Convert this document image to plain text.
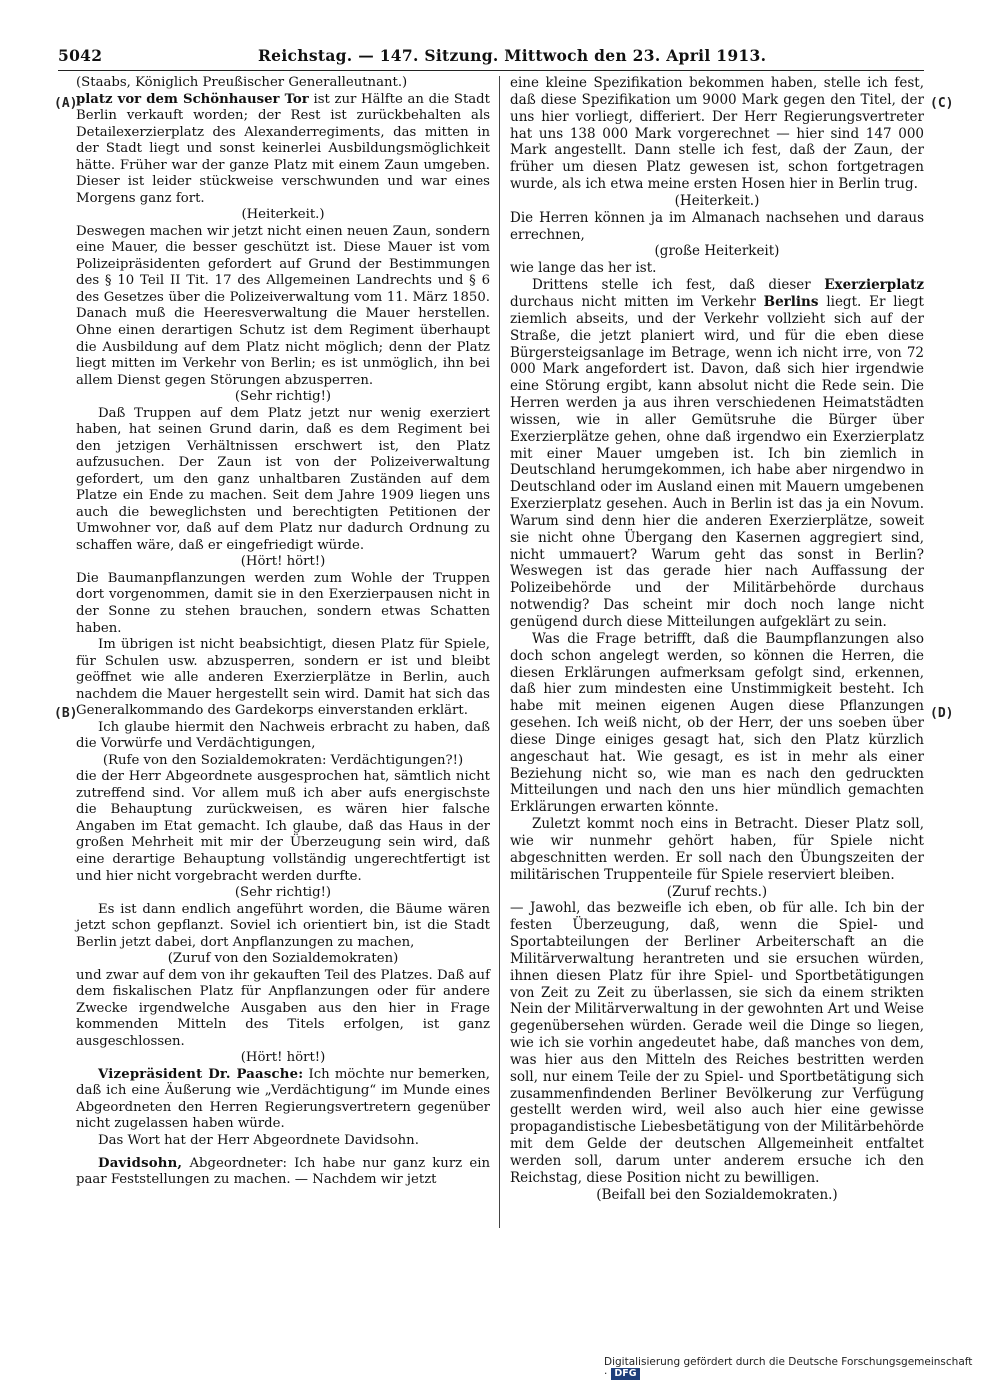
5042	Reichstag. — 147. Sitzung. Mittwoch den 23. April 1913.
(A)
(B)
(C)
(D)
(Staabs, Königlich Preußischer Generalleutnant.)
platz vor dem Schönhauser Tor ist zur Hälfte an die Stadt Berlin verkauft worden; der Rest ist zurückbehalten als Detailexerzierplatz des Alexanderregiments, das mitten in der Stadt liegt und sonst keinerlei Ausbildungsmöglichkeit hätte. Früher war der ganze Platz mit einem Zaun umgeben. Dieser ist leider stückweise verschwunden und war eines Morgens ganz fort.
(Heiterkeit.)
Deswegen machen wir jetzt nicht einen neuen Zaun, sondern eine Mauer, die besser geschützt ist. Diese Mauer ist vom Polizeipräsidenten gefordert auf Grund der Bestimmungen des § 10 Teil II Tit. 17 des Allgemeinen Landrechts und § 6 des Gesetzes über die Polizeiverwaltung vom 11. März 1850. Danach muß die Heeresverwaltung die Mauer herstellen. Ohne einen derartigen Schutz ist dem Regiment überhaupt die Ausbildung auf dem Platz nicht möglich; denn der Platz liegt mitten im Verkehr von Berlin; es ist unmöglich, ihn bei allem Dienst gegen Störungen abzusperren.
(Sehr richtig!)
Daß Truppen auf dem Platz jetzt nur wenig exerziert haben, hat seinen Grund darin, daß es dem Regiment bei den jetzigen Verhältnissen erschwert ist, den Platz aufzusuchen. Der Zaun ist von der Polizeiverwaltung gefordert, um den ganz unhaltbaren Zuständen auf dem Platze ein Ende zu machen. Seit dem Jahre 1909 liegen uns auch die beweglichsten und berechtigten Petitionen der Umwohner vor, daß auf dem Platz nur dadurch Ordnung zu schaffen wäre, daß er eingefriedigt würde.
(Hört! hört!)
Die Baumanpflanzungen werden zum Wohle der Truppen dort vorgenommen, damit sie in den Exerzierpausen nicht in der Sonne zu stehen brauchen, sondern etwas Schatten haben.
Im übrigen ist nicht beabsichtigt, diesen Platz für Spiele, für Schulen usw. abzusperren, sondern er ist und bleibt geöffnet wie alle anderen Exerzierplätze in Berlin, auch nachdem die Mauer hergestellt sein wird. Damit hat sich das Generalkommando des Gardekorps einverstanden erklärt.
Ich glaube hiermit den Nachweis erbracht zu haben, daß die Vorwürfe und Verdächtigungen,
(Rufe von den Sozialdemokraten: Verdächtigungen?!)
die der Herr Abgeordnete ausgesprochen hat, sämtlich nicht zutreffend sind. Vor allem muß ich aber aufs energischste die Behauptung zurückweisen, es wären hier falsche Angaben im Etat gemacht. Ich glaube, daß das Haus in der großen Mehrheit mit mir der Überzeugung sein wird, daß eine derartige Behauptung vollständig ungerechtfertigt ist und hier nicht vorgebracht werden durfte.
(Sehr richtig!)
Es ist dann endlich angeführt worden, die Bäume wären jetzt schon gepflanzt. Soviel ich orientiert bin, ist die Stadt Berlin jetzt dabei, dort Anpflanzungen zu machen,
(Zuruf von den Sozialdemokraten)
und zwar auf dem von ihr gekauften Teil des Platzes. Daß auf dem fiskalischen Platz für Anpflanzungen oder für andere Zwecke irgendwelche Ausgaben aus den hier in Frage kommenden Mitteln des Titels erfolgen, ist ganz ausgeschlossen.
(Hört! hört!)
Vizepräsident Dr. Paasche: Ich möchte nur bemerken, daß ich eine Äußerung wie „Verdächtigung“ im Munde eines Abgeordneten den Herren Regierungsvertretern gegenüber nicht zugelassen haben würde.
Das Wort hat der Herr Abgeordnete Davidsohn.
Davidsohn, Abgeordneter: Ich habe nur ganz kurz ein paar Feststellungen zu machen. — Nachdem wir jetzt
eine kleine Spezifikation bekommen haben, stelle ich fest, daß diese Spezifikation um 9000 Mark gegen den Titel, der uns hier vorliegt, differiert. Der Herr Regierungsvertreter hat uns 138 000 Mark vorgerechnet — hier sind 147 000 Mark angestellt. Dann stelle ich fest, daß der Zaun, der früher um diesen Platz gewesen ist, schon fortgetragen wurde, als ich etwa meine ersten Hosen hier in Berlin trug.
(Heiterkeit.)
Die Herren können ja im Almanach nachsehen und daraus errechnen,
(große Heiterkeit)
wie lange das her ist.
Drittens stelle ich fest, daß dieser Exerzierplatz durchaus nicht mitten im Verkehr Berlins liegt. Er liegt ziemlich abseits, und der Verkehr vollzieht sich auf der Straße, die jetzt planiert wird, und für die eben diese Bürgersteigsanlage im Betrage, wenn ich nicht irre, von 72 000 Mark angefordert ist. Davon, daß sich hier irgendwie eine Störung ergibt, kann absolut nicht die Rede sein. Die Herren werden ja aus ihren verschiedenen Heimatstädten wissen, wie in aller Gemütsruhe die Bürger über Exerzierplätze gehen, ohne daß irgendwo ein Exerzierplatz mit einer Mauer umgeben ist. Ich bin ziemlich in Deutschland herumgekommen, ich habe aber nirgendwo in Deutschland oder im Ausland einen mit Mauern umgebenen Exerzierplatz gesehen. Auch in Berlin ist das ja ein Novum. Warum sind denn hier die anderen Exerzierplätze, soweit sie nicht ohne Übergang den Kasernen aggregiert sind, nicht ummauert? Warum geht das sonst in Berlin? Weswegen ist das gerade hier nach Auffassung der Polizeibehörde und der Militärbehörde durchaus notwendig? Das scheint mir doch noch lange nicht genügend durch diese Mitteilungen aufgeklärt zu sein.
Was die Frage betrifft, daß die Baumpflanzungen also doch schon angelegt werden, so können die Herren, die diesen Erklärungen aufmerksam gefolgt sind, erkennen, daß hier zum mindesten eine Unstimmigkeit besteht. Ich habe mit meinen eigenen Augen diese Pflanzungen gesehen. Ich weiß nicht, ob der Herr, der uns soeben über diese Dinge einiges gesagt hat, sich den Platz kürzlich angeschaut hat. Wie gesagt, es ist in mehr als einer Beziehung nicht so, wie man es nach den gedruckten Mitteilungen und nach den uns hier mündlich gemachten Erklärungen erwarten könnte.
Zuletzt kommt noch eins in Betracht. Dieser Platz soll, wie wir nunmehr gehört haben, für Spiele nicht abgeschnitten werden. Er soll nach den Übungszeiten der militärischen Truppenteile für Spiele reserviert bleiben.
(Zuruf rechts.)
— Jawohl, das bezweifle ich eben, ob für alle. Ich bin der festen Überzeugung, daß, wenn die Spiel- und Sportabteilungen der Berliner Arbeiterschaft an die Militärverwaltung herantreten und sie ersuchen würden, ihnen diesen Platz für ihre Spiel- und Sportbetätigungen von Zeit zu Zeit zu überlassen, sie sich da einem strikten Nein der Militärverwaltung in der gewohnten Art und Weise gegenübersehen würden. Gerade weil die Dinge so liegen, wie ich sie vorhin angedeutet habe, daß manches von dem, was hier aus den Mitteln des Reiches bestritten werden soll, nur einem Teile der zu Spiel- und Sportbetätigung sich zusammenfindenden Berliner Bevölkerung zur Verfügung gestellt werden wird, weil also auch hier eine gewisse propagandistische Liebesbetätigung von der Militärbehörde mit dem Gelde der deutschen Allgemeinheit entfaltet werden soll, darum unter anderem ersuche ich den Reichstag, diese Position nicht zu bewilligen.
(Beifall bei den Sozialdemokraten.)
Digitalisierung gefördert durch die Deutsche Forschungsgemeinschaft · DFG
